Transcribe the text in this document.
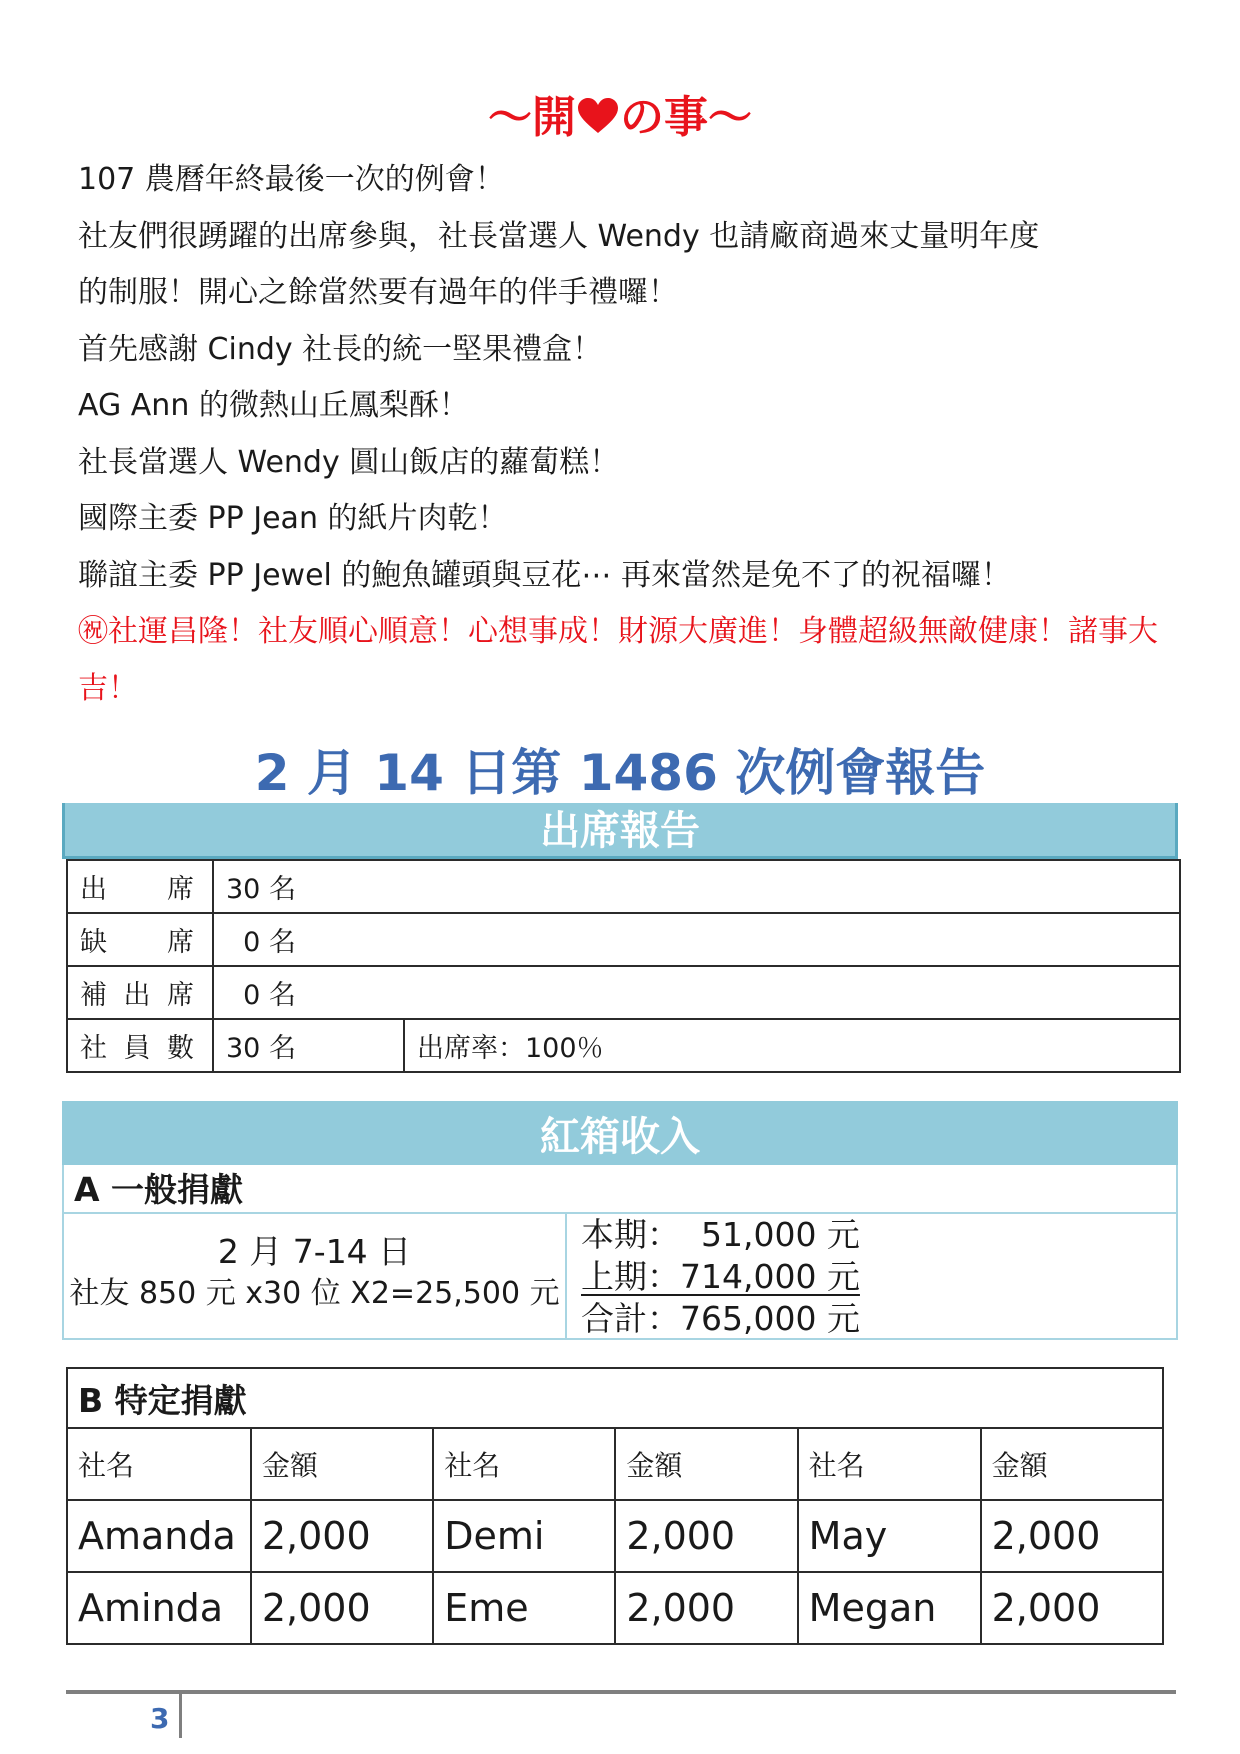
～開 の事～

107 農曆年終最後一次的例會！

社友們很踴躍的出席參與，社長當選人 Wendy 也請廠商過來丈量明年度

的制服！開心之餘當然要有過年的伴手禮囉！

首先感謝 Cindy 社長的統一堅果禮盒！

AG Ann 的微熱山丘鳳梨酥！

社長當選人 Wendy 圓山飯店的蘿蔔糕！

國際主委 PP Jean 的紙片肉乾！

聯誼主委 PP Jewel 的鮑魚罐頭與豆花⋯ 再來當然是免不了的祝福囉！

㊗社運昌隆！社友順心順意！心想事成！財源大廣進！身體超級無敵健康！諸事大吉！

2 月 14 日第 1486 次例會報告
出席報告
出 席	30 名	

缺 席	0 名	

補 出 席	0 名	

社 員 數	30 名	出席率：100％
紅箱收入
A 一般捐獻
2 月 7-14 日
社友 850 元 x30 位 X2=25,500 元
本期：  51,000 元
上期：714,000 元
合計：765,000 元
B 特定捐獻					
社名	金額	社名	金額	社名	金額
Amanda	2,000	Demi	2,000	May	2,000
Aminda	2,000	Eme	2,000	Megan	2,000
3
